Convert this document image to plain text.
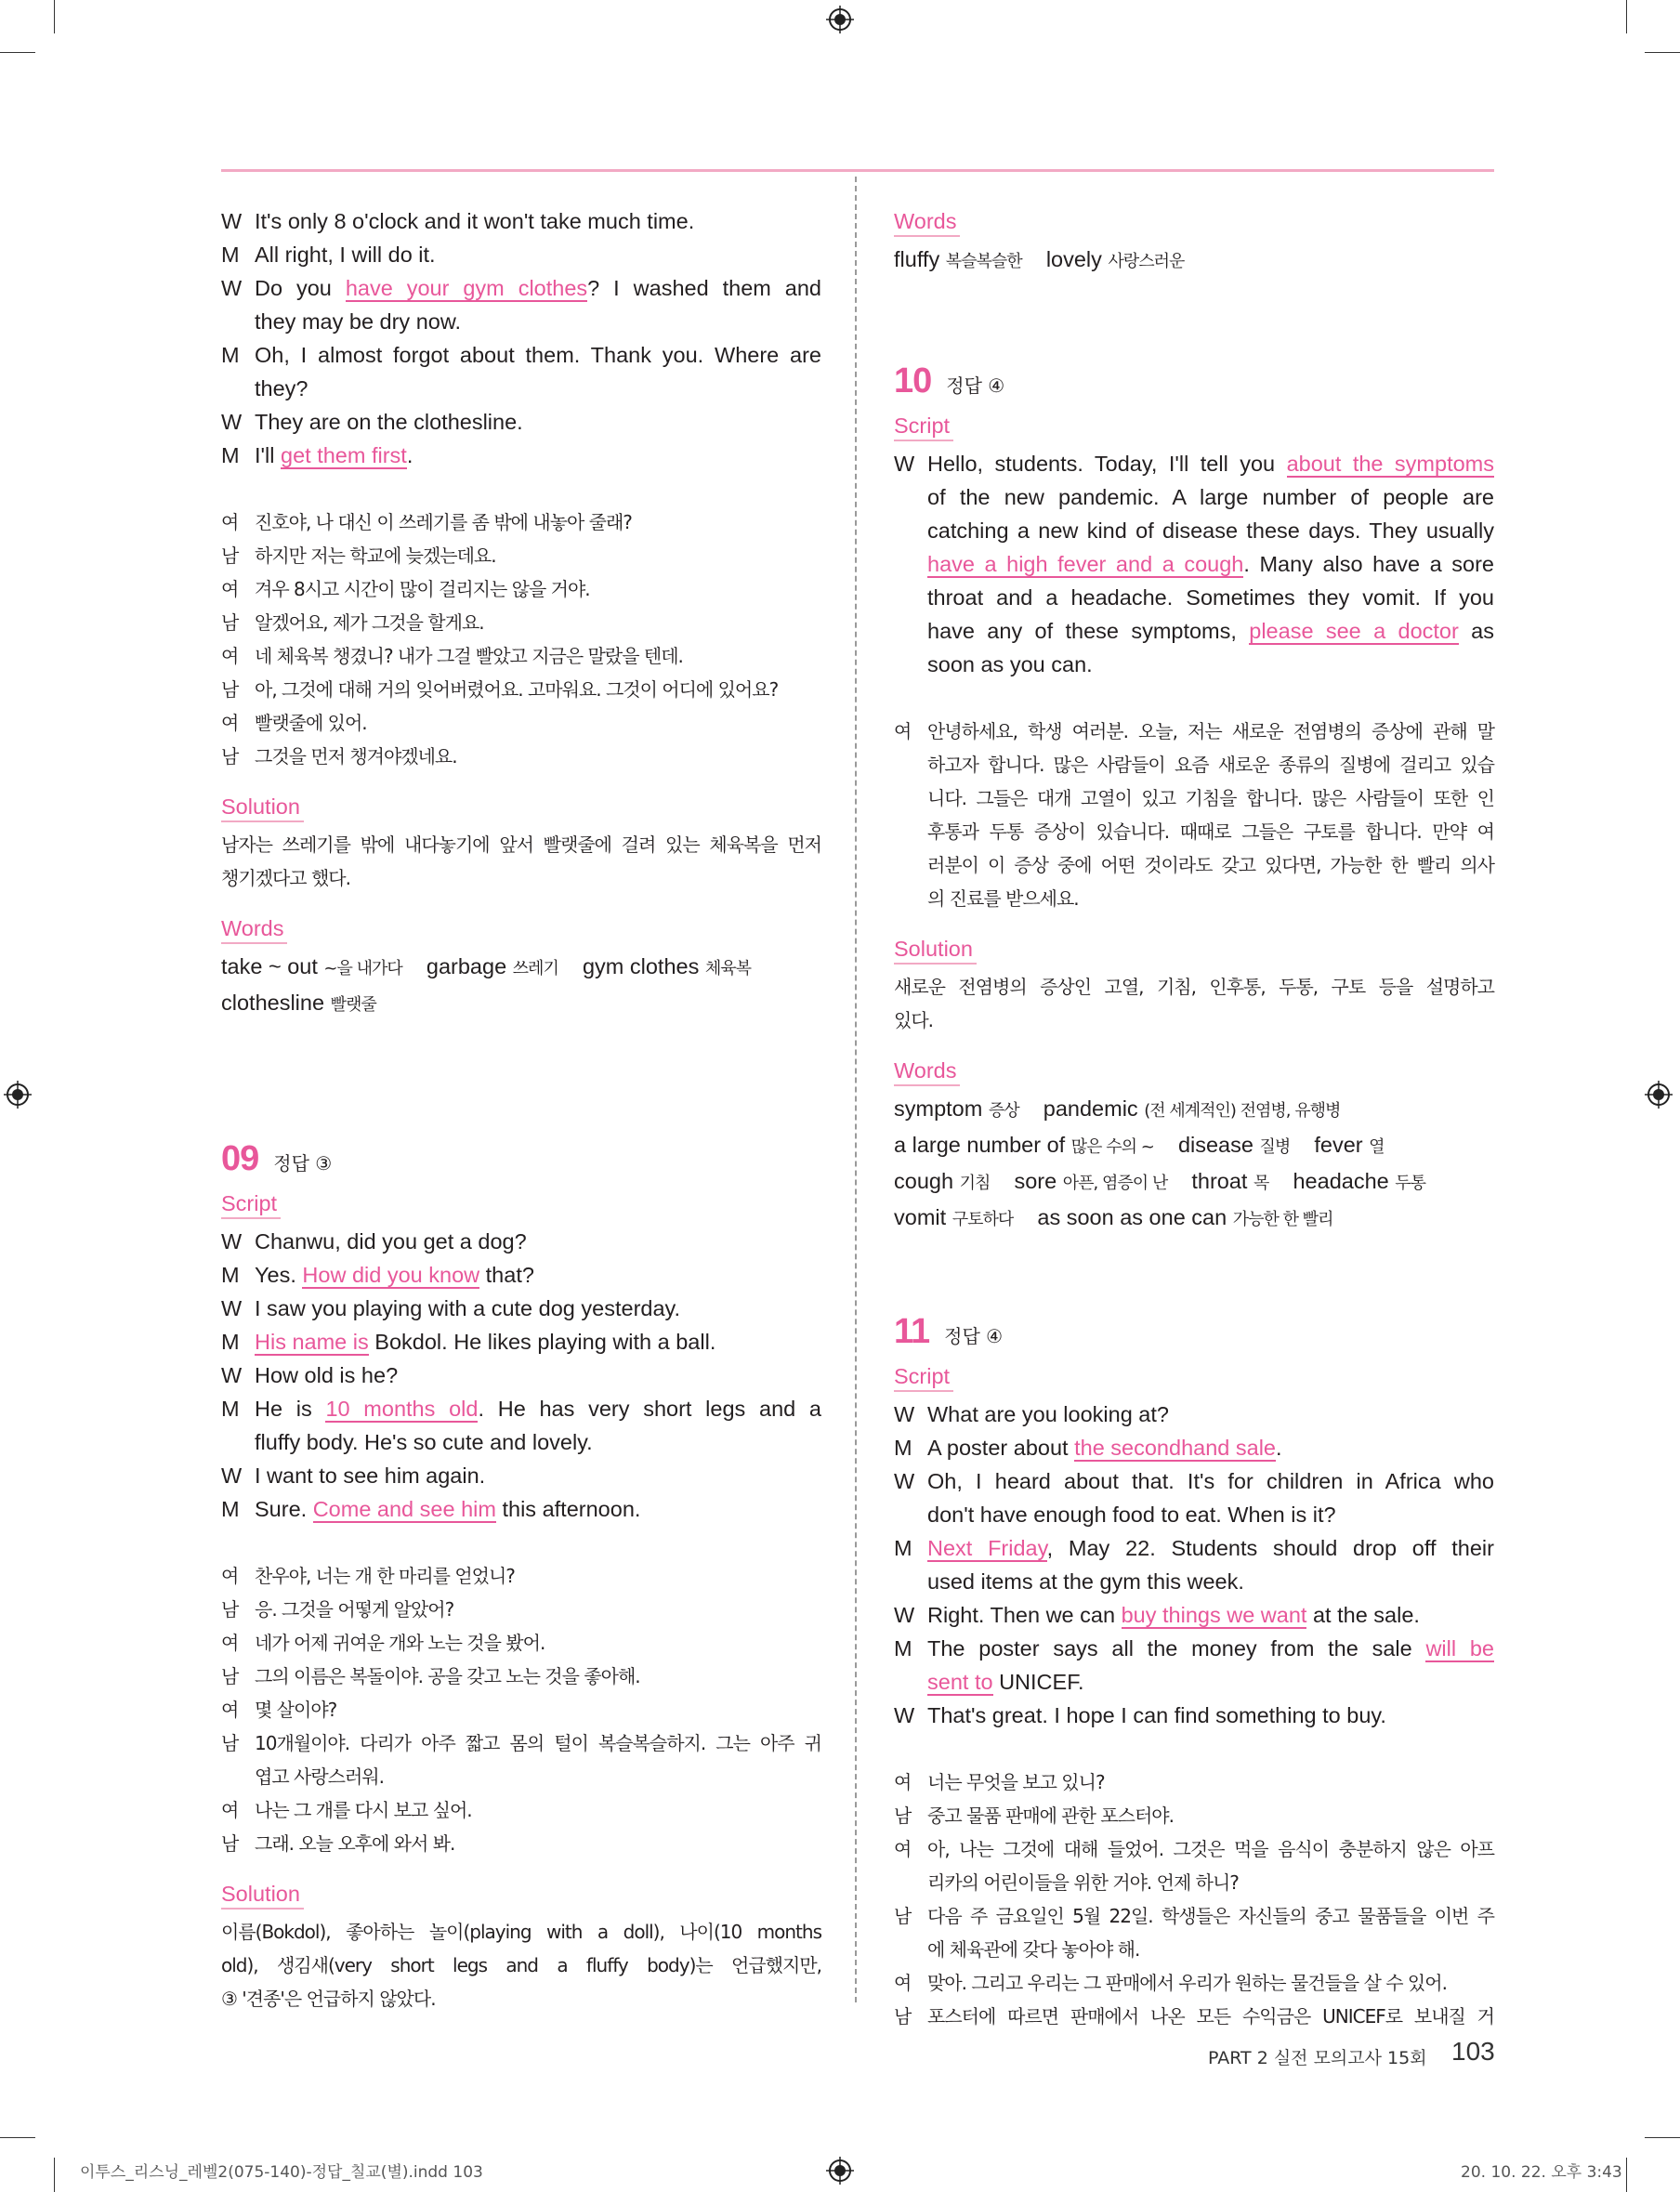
W It's only 8 o'clock and it won't take much time.
M All right, I will do it.
W Do you have your gym clothes? I washed them and
they may be dry now.
M Oh, I almost forgot about them. Thank you. Where are
they?
W They are on the clothesline.
M I'll get them first.
여 진호야, 나 대신 이 쓰레기를 좀 밖에 내놓아 줄래?
남 하지만 저는 학교에 늦겠는데요.
여 겨우 8시고 시간이 많이 걸리지는 않을 거야.
남 알겠어요, 제가 그것을 할게요.
여 네 체육복 챙겼니? 내가 그걸 빨았고 지금은 말랐을 텐데.
남 아, 그것에 대해 거의 잊어버렸어요. 고마워요. 그것이 어디에 있어요?
여 빨랫줄에 있어.
남 그것을 먼저 챙겨야겠네요.
Solution
남자는 쓰레기를 밖에 내다놓기에 앞서 빨랫줄에 걸려 있는 체육복을 먼저
챙기겠다고 했다.
Words
take ~ out ~을 내가다 garbage 쓰레기 gym clothes 체육복
clothesline 빨랫줄
09 정답 ③
Script
W Chanwu, did you get a dog?
M Yes. How did you know that?
W I saw you playing with a cute dog yesterday.
M His name is Bokdol. He likes playing with a ball.
W How old is he?
M He is 10 months old. He has very short legs and a
fluffy body. He's so cute and lovely.
W I want to see him again.
M Sure. Come and see him this afternoon.
여 찬우야, 너는 개 한 마리를 얻었니?
남 응. 그것을 어떻게 알았어?
여 네가 어제 귀여운 개와 노는 것을 봤어.
남 그의 이름은 복돌이야. 공을 갖고 노는 것을 좋아해.
여 몇 살이야?
남 10개월이야. 다리가 아주 짧고 몸의 털이 복슬복슬하지. 그는 아주 귀
엽고 사랑스러워.
여 나는 그 개를 다시 보고 싶어.
남 그래. 오늘 오후에 와서 봐.
Solution
이름(Bokdol), 좋아하는 놀이(playing with a doll), 나이(10 months
old), 생김새(very short legs and a fluffy body)는 언급했지만,
③ '견종'은 언급하지 않았다.
Words
fluffy 복슬복슬한 lovely 사랑스러운
10 정답 ④
Script
W Hello, students. Today, I'll tell you about the symptoms
of the new pandemic. A large number of people are
catching a new kind of disease these days. They usually
have a high fever and a cough. Many also have a sore
throat and a headache. Sometimes they vomit. If you
have any of these symptoms, please see a doctor as
soon as you can.
여 안녕하세요, 학생 여러분. 오늘, 저는 새로운 전염병의 증상에 관해 말
하고자 합니다. 많은 사람들이 요즘 새로운 종류의 질병에 걸리고 있습
니다. 그들은 대개 고열이 있고 기침을 합니다. 많은 사람들이 또한 인
후통과 두통 증상이 있습니다. 때때로 그들은 구토를 합니다. 만약 여
러분이 이 증상 중에 어떤 것이라도 갖고 있다면, 가능한 한 빨리 의사
의 진료를 받으세요.
Solution
새로운 전염병의 증상인 고열, 기침, 인후통, 두통, 구토 등을 설명하고
있다.
Words
symptom 증상 pandemic (전 세계적인) 전염병, 유행병
a large number of 많은 수의 ~ disease 질병 fever 열
cough 기침 sore 아픈, 염증이 난 throat 목 headache 두통
vomit 구토하다 as soon as one can 가능한 한 빨리
11 정답 ④
Script
W What are you looking at?
M A poster about the secondhand sale.
W Oh, I heard about that. It's for children in Africa who
don't have enough food to eat. When is it?
M Next Friday, May 22. Students should drop off their
used items at the gym this week.
W Right. Then we can buy things we want at the sale.
M The poster says all the money from the sale will be
sent to UNICEF.
W That's great. I hope I can find something to buy.
여 너는 무엇을 보고 있니?
남 중고 물품 판매에 관한 포스터야.
여 아, 나는 그것에 대해 들었어. 그것은 먹을 음식이 충분하지 않은 아프
리카의 어린이들을 위한 거야. 언제 하니?
남 다음 주 금요일인 5월 22일. 학생들은 자신들의 중고 물품들을 이번 주
에 체육관에 갖다 놓아야 해.
여 맞아. 그리고 우리는 그 판매에서 우리가 원하는 물건들을 살 수 있어.
남 포스터에 따르면 판매에서 나온 모든 수익금은 UNICEF로 보내질 거
PART 2 실전 모의고사 15회 103
이투스_리스닝_레벨2(075-140)-정답_칠교(별).indd 103	20. 10. 22. 오후 3:43
